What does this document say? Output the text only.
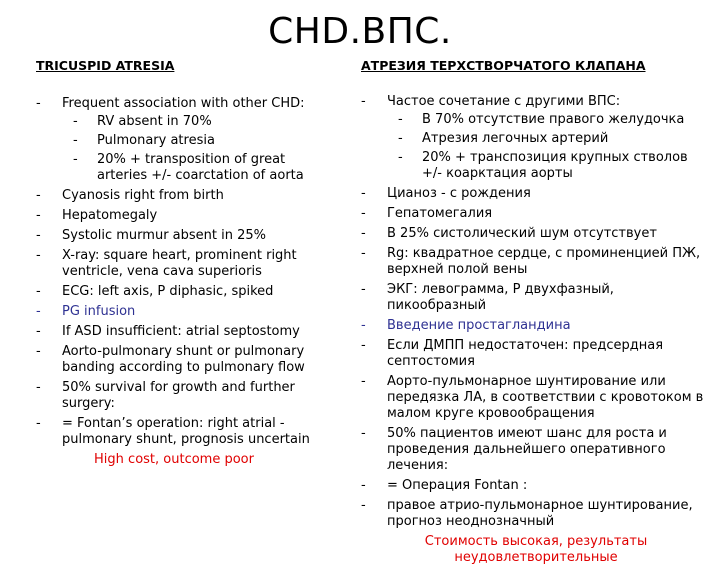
CHD.ВПС.
TRICUSPID ATRESIA
- Frequent association with other CHD:
- RV absent in 70%
- Pulmonary atresia
- 20% + transposition of great arteries +/- coarctation of aorta
- Cyanosis right from birth
- Hepatomegaly
- Systolic murmur absent in 25%
- X-ray: square heart, prominent right ventricle, vena cava superioris
- ECG: left axis, P diphasic, spiked
- PG infusion
- If ASD insufficient: atrial septostomy
- Aorto-pulmonary shunt or pulmonary banding according to pulmonary flow
- 50% survival for growth and further surgery:
- = Fontan’s operation: right atrial - pulmonary shunt, prognosis uncertain
High cost, outcome poor
АТРЕЗИЯ ТЕРХСТВОРЧАТОГО КЛАПАНА
- Частое сочетание с другими ВПС:
- В 70% отсутствие правого желудочка
- Атрезия легочных артерий
- 20% + транспозиция крупных стволов +/- коарктация аорты
- Цианоз - с рождения
- Гепатомегалия
- В 25% систолический шум отсутствует
- Rg: квадратное сердце, с проминенцией ПЖ, верхней полой вены
- ЭКГ: левограмма, P двухфазный, пикообразный
- Введение простагландина
- Если ДМПП недостаточен: предсердная септостомия
- Аорто-пульмонарное шунтирование или передязка ЛА, в соответствии с кровотоком в малом круге кровообращения
- 50% пациентов имеют шанс для роста и проведения дальнейшего оперативного лечения:
- = Операция Fontan :
- правое атрио-пульмонарное шунтирование, прогноз неоднозначный
Стоимость высокая, результаты неудовлетворительные
